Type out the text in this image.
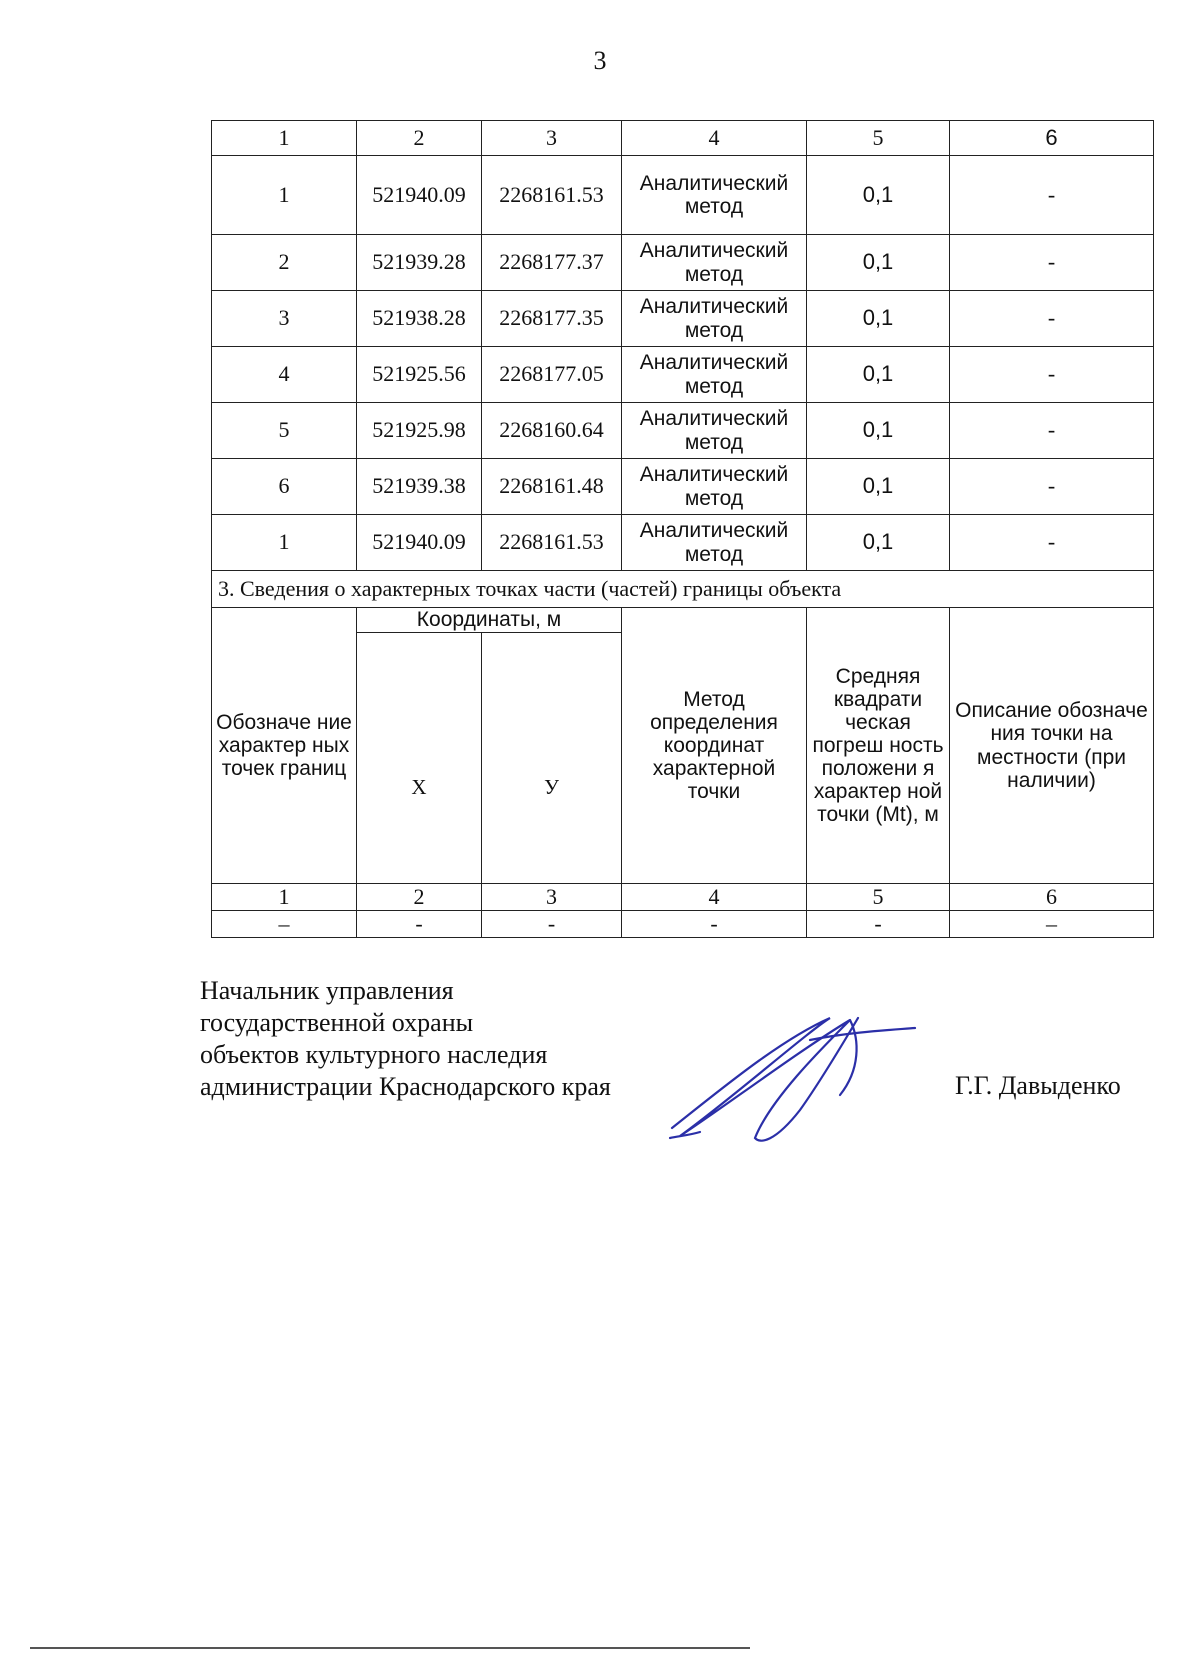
3
1	2	3	4	5	6
1	521940.09	2268161.53	Аналитический метод	0,1	-
2	521939.28	2268177.37	Аналитический метод	0,1	-
3	521938.28	2268177.35	Аналитический метод	0,1	-
4	521925.56	2268177.05	Аналитический метод	0,1	-
5	521925.98	2268160.64	Аналитический метод	0,1	-
6	521939.38	2268161.48	Аналитический метод	0,1	-
1	521940.09	2268161.53	Аналитический метод	0,1	-
3. Сведения о характерных точках части (частей) границы объекта					
Обозначе ние характер ных точек границ	Координаты, м		Метод определения координат характерной точки	Средняя квадрати ческая погреш ность положени я характер ной точки (Mt), м	Описание обозначе ния точки на местности (при наличии)
	Х	У			
1	2	3	4	5	6
–	-	-	-	-	–
Начальник управления
государственной охраны
объектов культурного наследия
администрации Краснодарского края	Г.Г. Давыденко
